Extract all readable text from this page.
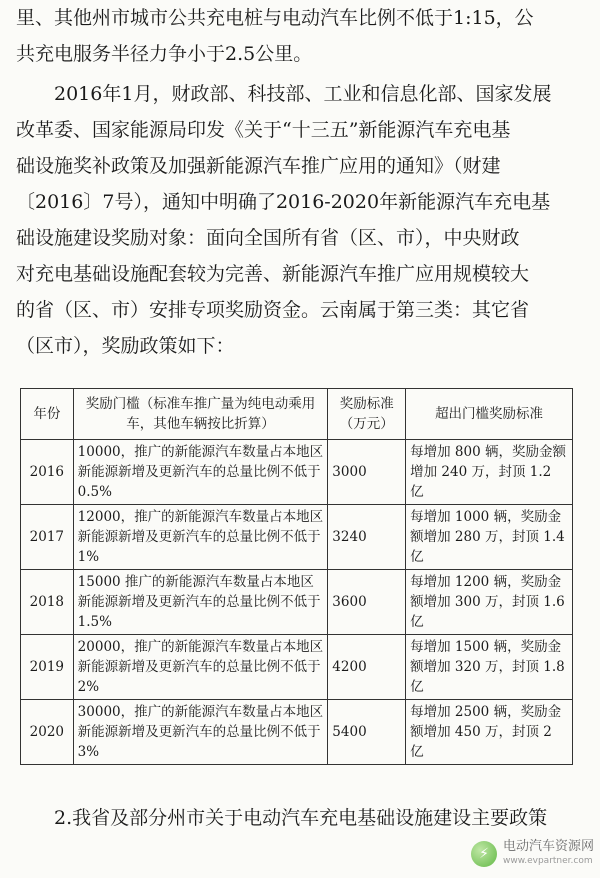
里、其他州市城市公共充电桩与电动汽车比例不低于1:15，公
共充电服务半径力争小于2.5公里。
2016年1月，财政部、科技部、工业和信息化部、国家发展
改革委、国家能源局印发《关于“十三五”新能源汽车充电基
础设施奖补政策及加强新能源汽车推广应用的通知》（财建
〔2016〕7号），通知中明确了2016-2020年新能源汽车充电基
础设施建设奖励对象：面向全国所有省（区、市），中央财政
对充电基础设施配套较为完善、新能源汽车推广应用规模较大
的省（区、市）安排专项奖励资金。云南属于第三类：其它省
（区市），奖励政策如下：
年份	奖励门槛（标准车推广量为纯电动乘用车，其他车辆按比折算）	奖励标准（万元）	超出门槛奖励标准
2016	10000，推广的新能源汽车数量占本地区新能源新增及更新汽车的总量比例不低于 0.5%	3000	每增加 800 辆，奖励金额增加 240 万，封顶 1.2 亿
2017	12000，推广的新能源汽车数量占本地区新能源新增及更新汽车的总量比例不低于 1%	3240	每增加 1000 辆，奖励金额增加 280 万，封顶 1.4 亿
2018	15000 推广的新能源汽车数量占本地区新能源新增及更新汽车的总量比例不低于 1.5%	3600	每增加 1200 辆，奖励金额增加 300 万，封顶 1.6 亿
2019	20000，推广的新能源汽车数量占本地区新能源新增及更新汽车的总量比例不低于 2%	4200	每增加 1500 辆，奖励金额增加 320 万，封顶 1.8 亿
2020	30000，推广的新能源汽车数量占本地区新能源新增及更新汽车的总量比例不低于 3%	5400	每增加 2500 辆，奖励金额增加 450 万，封顶 2 亿

2.我省及部分州市关于电动汽车充电基础设施建设主要政策

⚡	电动汽车资源网
www.evpartner.com
